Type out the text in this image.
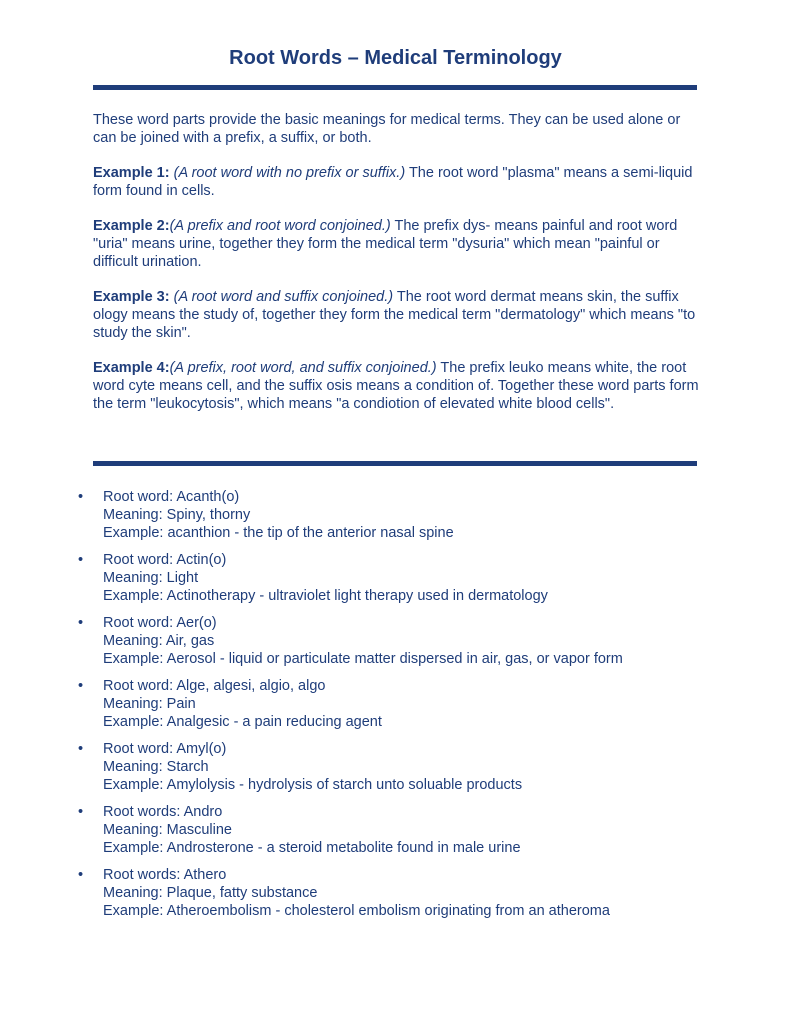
Root Words – Medical Terminology

These word parts provide the basic meanings for medical terms. They can be used alone or can be joined with a prefix, a suffix, or both.

Example 1: (A root word with no prefix or suffix.) The root word "plasma" means a semi-liquid form found in cells.

Example 2:(A prefix and root word conjoined.) The prefix dys- means painful and root word "uria" means urine, together they form the medical term "dysuria" which mean "painful or difficult urination.

Example 3: (A root word and suffix conjoined.) The root word dermat means skin, the suffix ology means the study of, together they form the medical term "dermatology" which means "to study the skin".

Example 4:(A prefix, root word, and suffix conjoined.) The prefix leuko means white, the root word cyte means cell, and the suffix osis means a condition of. Together these word parts form the term "leukocytosis", which means "a condiotion of elevated white blood cells".

• Root word: Acanth(o)
Meaning: Spiny, thorny
Example: acanthion - the tip of the anterior nasal spine
• Root word: Actin(o)
Meaning: Light
Example: Actinotherapy - ultraviolet light therapy used in dermatology
• Root word: Aer(o)
Meaning: Air, gas
Example: Aerosol - liquid or particulate matter dispersed in air, gas, or vapor form
• Root word: Alge, algesi, algio, algo
Meaning: Pain
Example: Analgesic - a pain reducing agent
• Root word: Amyl(o)
Meaning: Starch
Example: Amylolysis - hydrolysis of starch unto soluable products
• Root words: Andro
Meaning: Masculine
Example: Androsterone - a steroid metabolite found in male urine
• Root words: Athero
Meaning: Plaque, fatty substance
Example: Atheroembolism - cholesterol embolism originating from an atheroma
